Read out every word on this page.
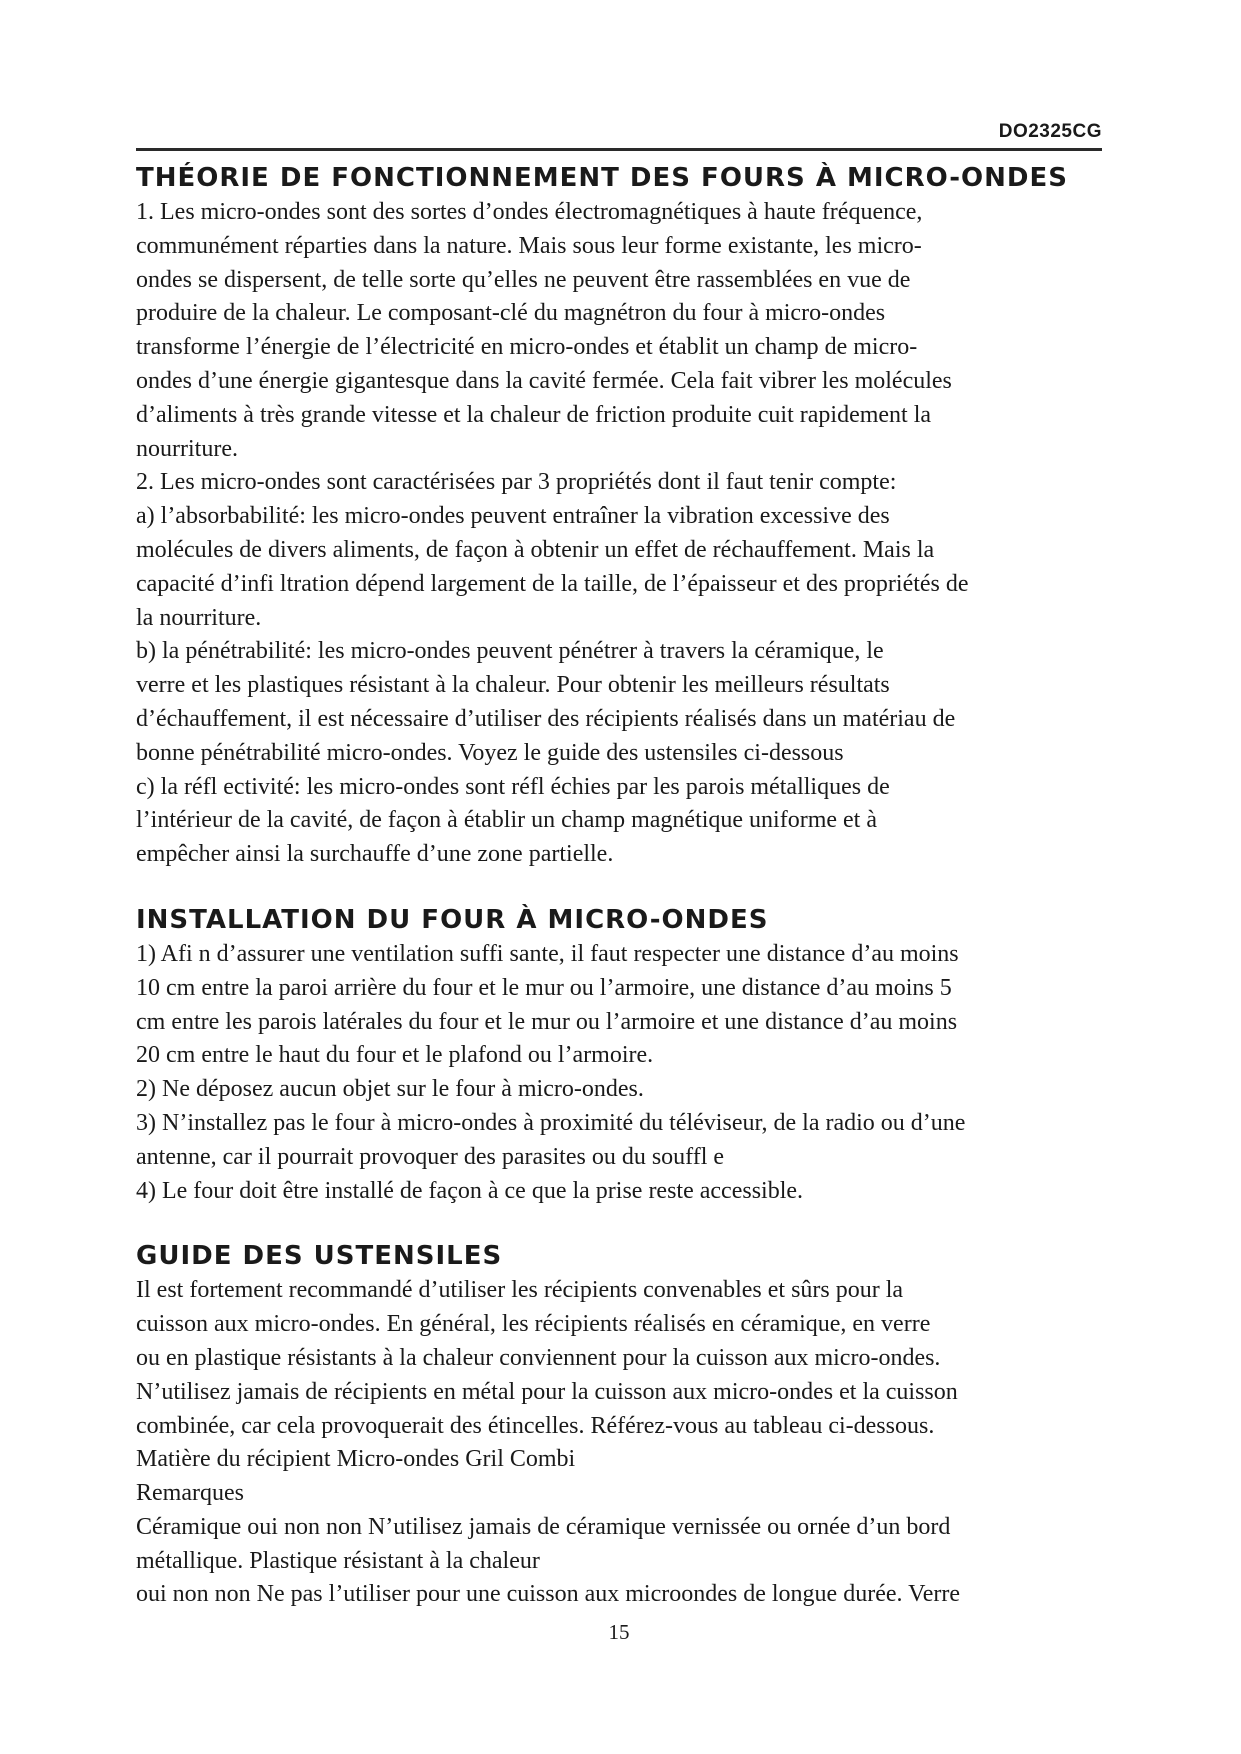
DO2325CG
THÉORIE DE FONCTIONNEMENT DES FOURS À MICRO-ONDES
1. Les micro-ondes sont des sortes d’ondes électromagnétiques à haute fréquence,
communément réparties dans la nature. Mais sous leur forme existante, les micro-
ondes se dispersent, de telle sorte qu’elles ne peuvent être rassemblées en vue de
produire de la chaleur. Le composant-clé du magnétron du four à micro-ondes
transforme l’énergie de l’électricité en micro-ondes et établit un champ de micro-
ondes d’une énergie gigantesque dans la cavité fermée. Cela fait vibrer les molécules
d’aliments à très grande vitesse et la chaleur de friction produite cuit rapidement la
nourriture.
2. Les micro-ondes sont caractérisées par 3 propriétés dont il faut tenir compte:
a) l’absorbabilité: les micro-ondes peuvent entraîner la vibration excessive des
molécules de divers aliments, de façon à obtenir un effet de réchauffement. Mais la
capacité d’infi ltration dépend largement de la taille, de l’épaisseur et des propriétés de
la nourriture.
b) la pénétrabilité: les micro-ondes peuvent pénétrer à travers la céramique, le
verre et les plastiques résistant à la chaleur. Pour obtenir les meilleurs résultats
d’échauffement, il est nécessaire d’utiliser des récipients réalisés dans un matériau de
bonne pénétrabilité micro-ondes. Voyez le guide des ustensiles ci-dessous
c) la réfl ectivité: les micro-ondes sont réfl échies par les parois métalliques de
l’intérieur de la cavité, de façon à établir un champ magnétique uniforme et à
empêcher ainsi la surchauffe d’une zone partielle.
INSTALLATION DU FOUR À MICRO-ONDES
1) Afi n d’assurer une ventilation suffi sante, il faut respecter une distance d’au moins
10 cm entre la paroi arrière du four et le mur ou l’armoire, une distance d’au moins 5
cm entre les parois latérales du four et le mur ou l’armoire et une distance d’au moins
20 cm entre le haut du four et le plafond ou l’armoire.
2) Ne déposez aucun objet sur le four à micro-ondes.
3) N’installez pas le four à micro-ondes à proximité du téléviseur, de la radio ou d’une
antenne, car il pourrait provoquer des parasites ou du souffl e
4) Le four doit être installé de façon à ce que la prise reste accessible.
GUIDE DES USTENSILES
Il est fortement recommandé d’utiliser les récipients convenables et sûrs pour la
cuisson aux micro-ondes. En général, les récipients réalisés en céramique, en verre
ou en plastique résistants à la chaleur conviennent pour la cuisson aux micro-ondes.
N’utilisez jamais de récipients en métal pour la cuisson aux micro-ondes et la cuisson
combinée, car cela provoquerait des étincelles. Référez-vous au tableau ci-dessous.
Matière du récipient Micro-ondes Gril Combi
Remarques
Céramique oui non non N’utilisez jamais de céramique vernissée ou ornée d’un bord
métallique. Plastique résistant à la chaleur
oui non non Ne pas l’utiliser pour une cuisson aux microondes de longue durée. Verre
15
